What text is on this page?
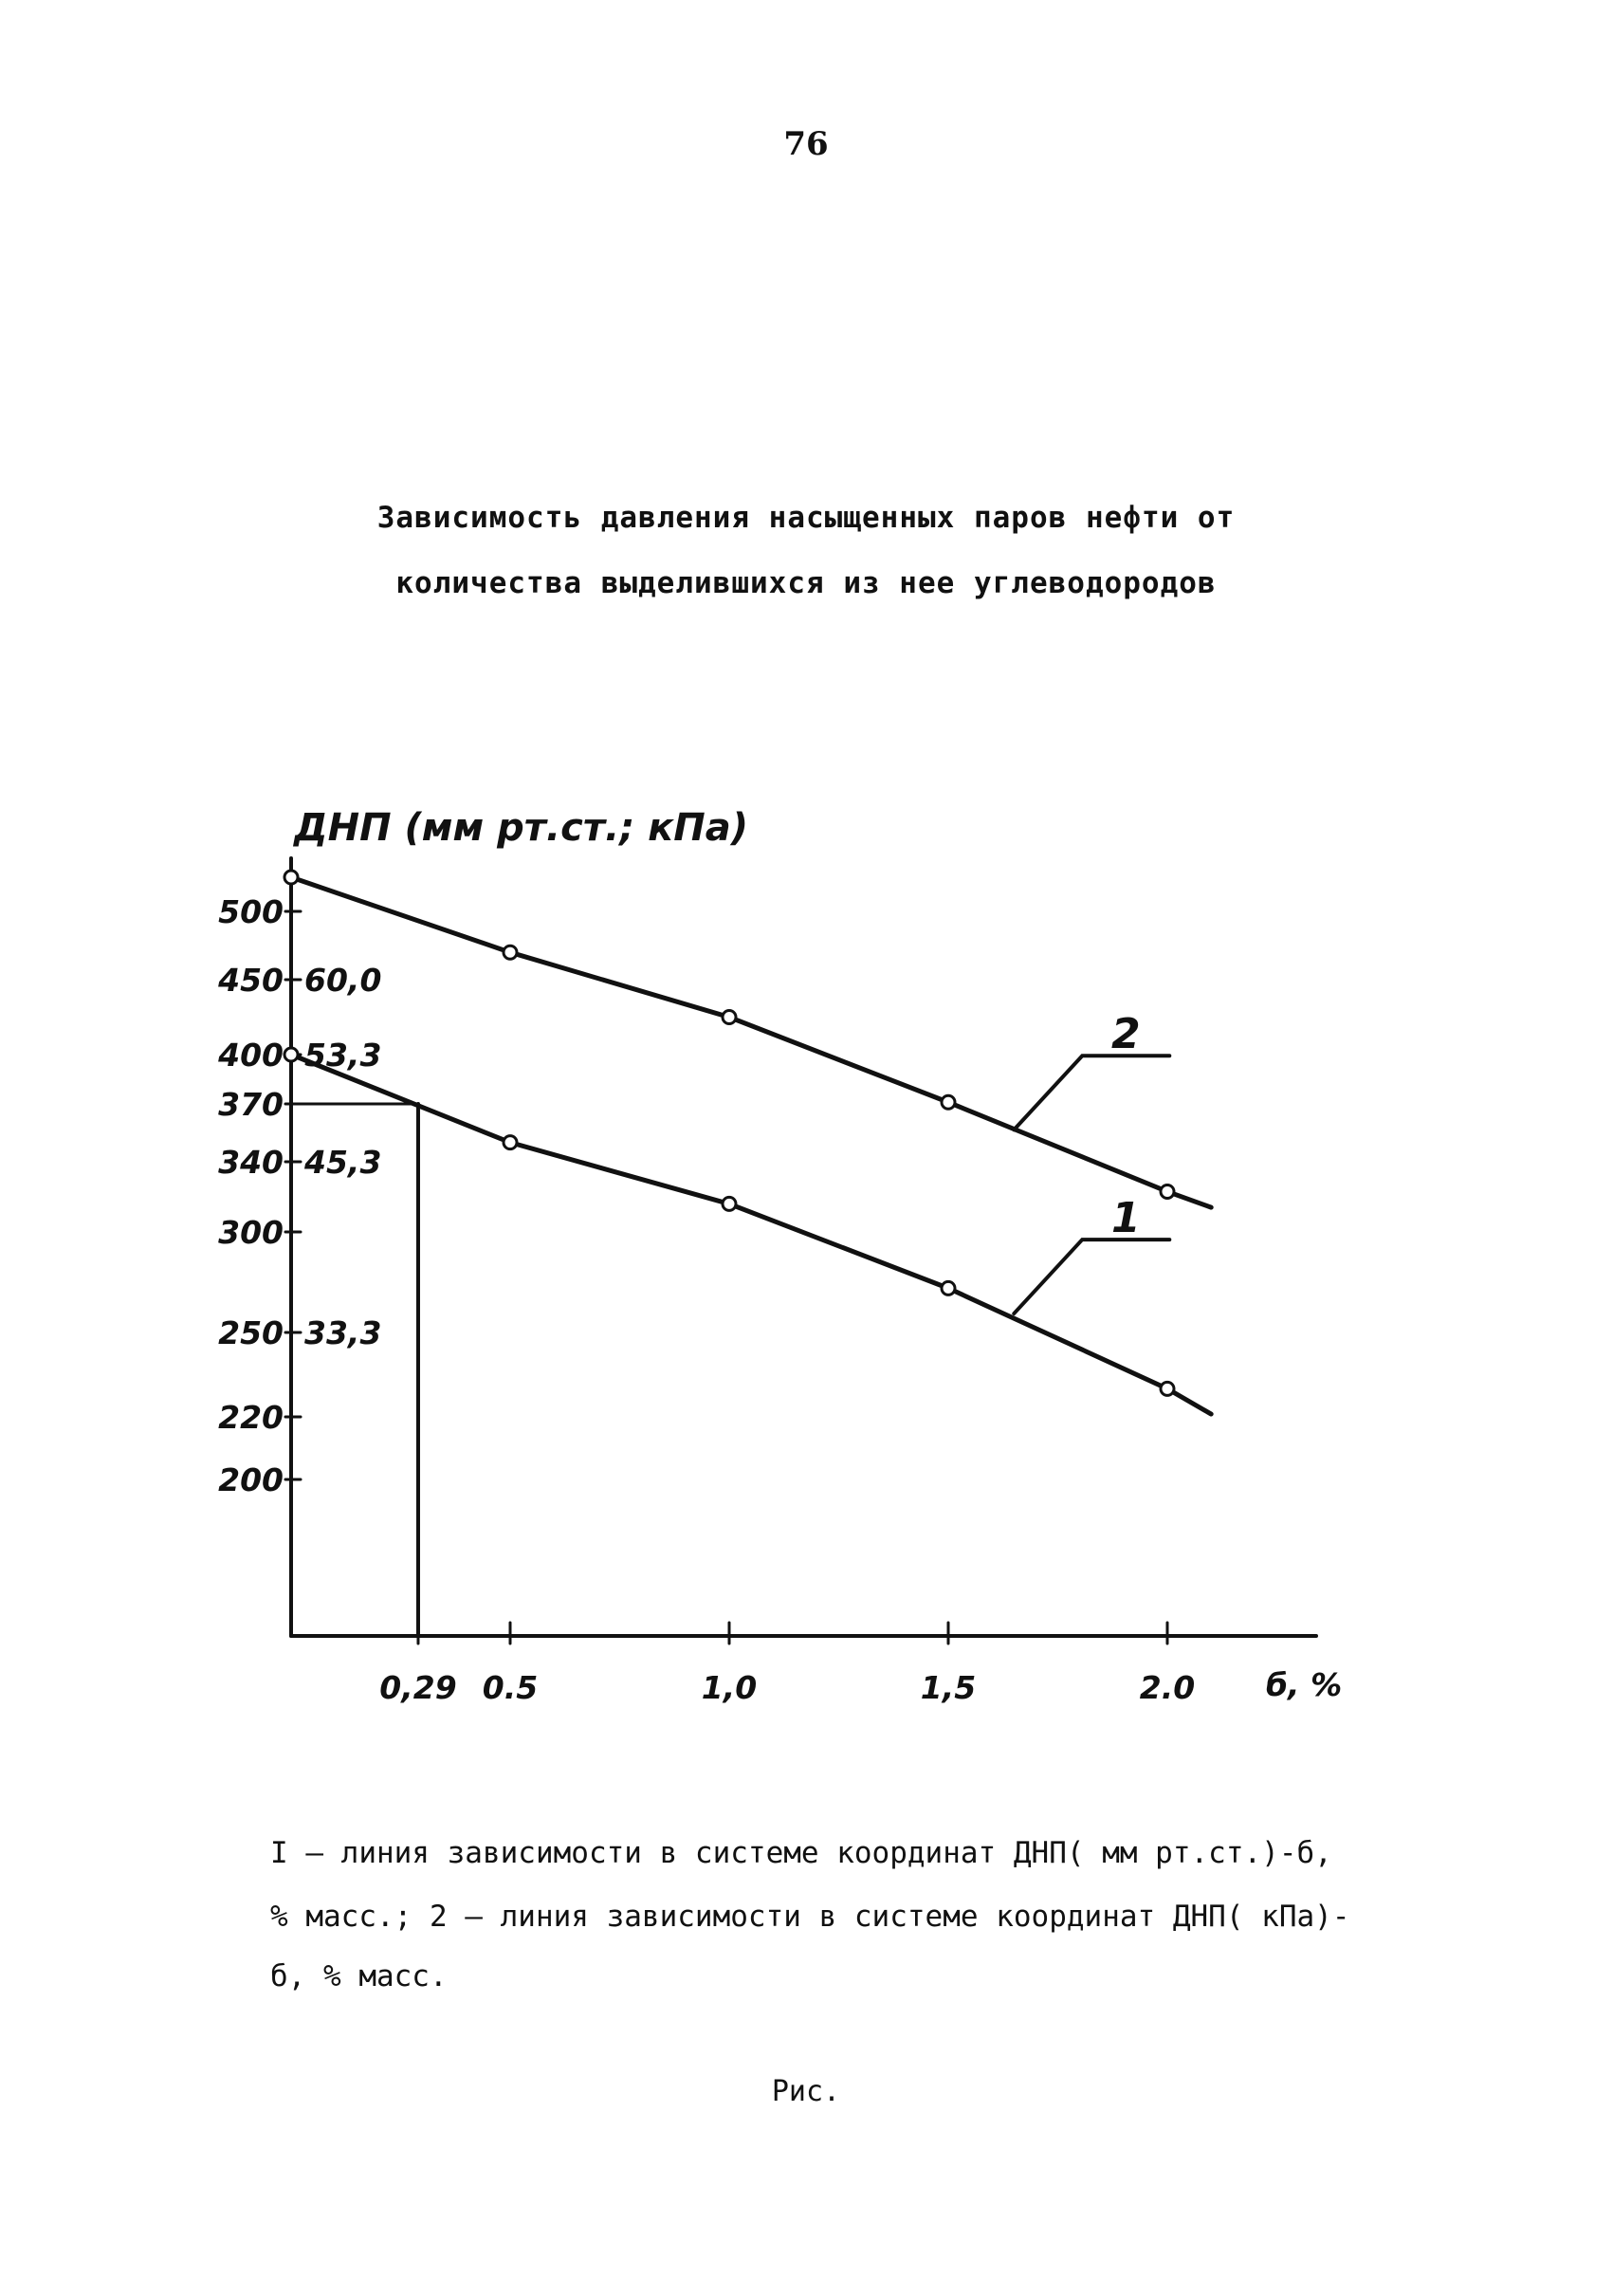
76
Зависимость давления насыщенных паров нефти от
количества выделившихся из нее углеводородов
500
450
400
370
340
300
250
220
200
60,0
53,3
45,3
33,3
0,29 0.5	1,0	1,5	2.0
1
2
ДНП (мм рт.ст.; кПа)
б, %
I – линия зависимости в системе координат ДНП( мм рт.ст.)-б,
% масс.; 2 – линия зависимости в системе координат ДНП( кПа)-
б, % масс.
Рис.
